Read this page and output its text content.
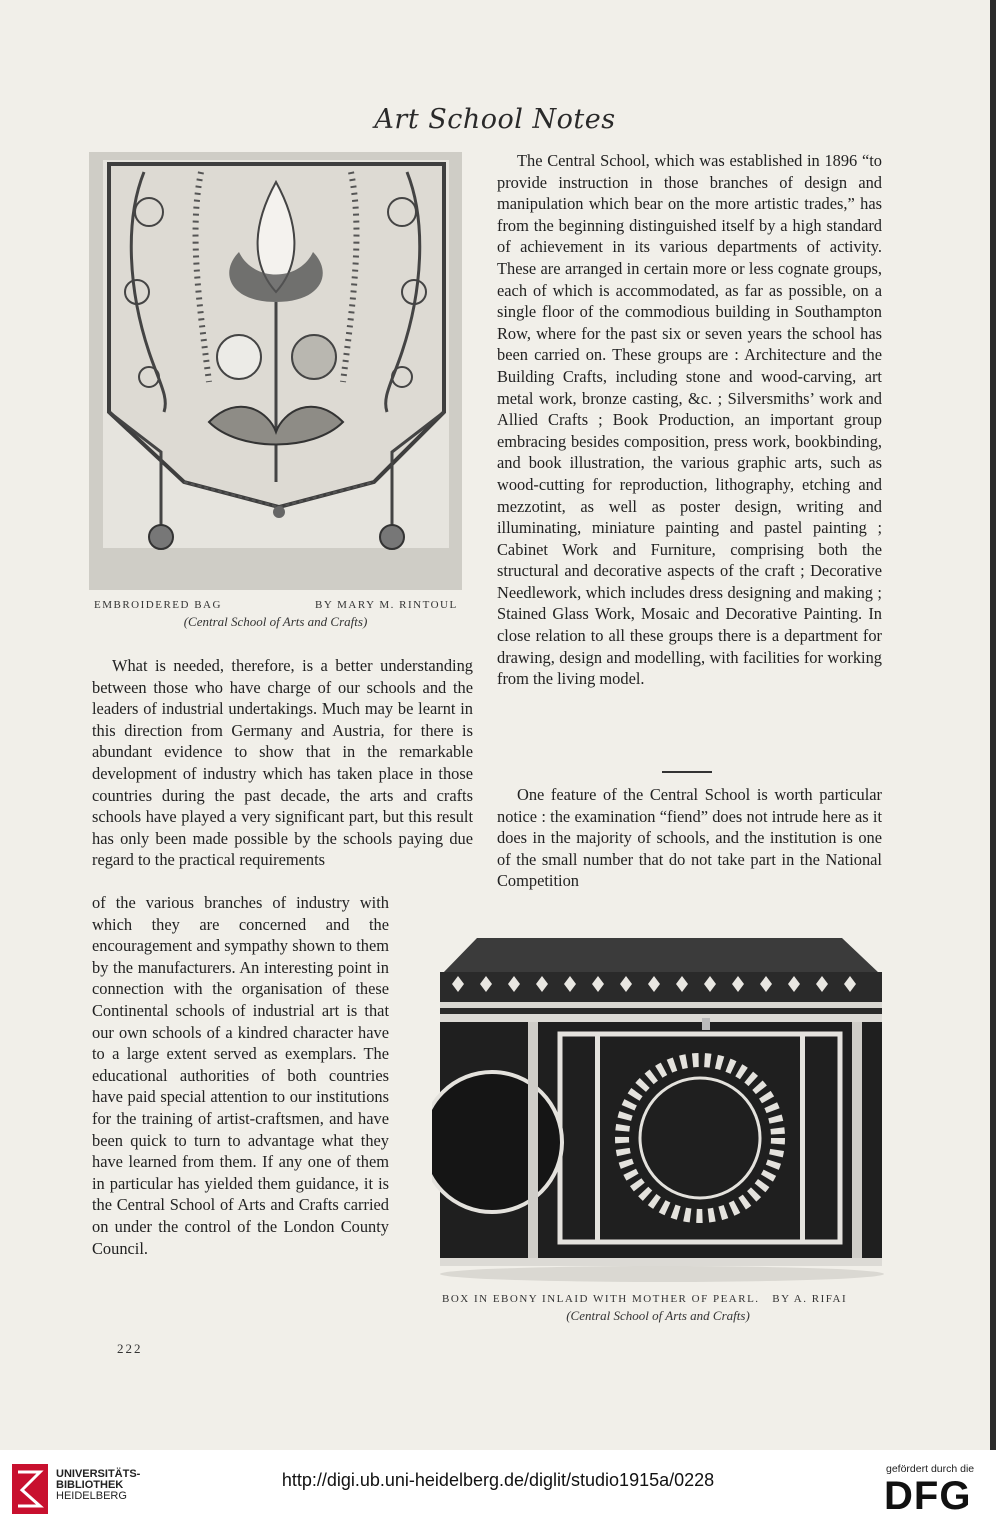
Art School Notes
EMBROIDERED BAG	BY MARY M. RINTOUL
(Central School of Arts and Crafts)

The Central School, which was established in 1896 “to provide instruction in those branches of design and manipulation which bear on the more artistic trades,” has from the beginning distinguished itself by a high standard of achievement in its various departments of activity. These are arranged in certain more or less cognate groups, each of which is accommodated, as far as possible, on a single floor of the commodious building in Southampton Row, where for the past six or seven years the school has been carried on. These groups are : Architecture and the Building Crafts, including stone and wood-carving, art metal work, bronze casting, &c. ; Silversmiths’ work and Allied Crafts ; Book Production, an important group embracing besides composition, press work, bookbinding, and book illustration, the various graphic arts, such as wood-cutting for reproduction, lithography, etching and mezzotint, as well as poster design, writing and illuminating, miniature painting and pastel painting ; Cabinet Work and Furniture, comprising both the structural and decorative aspects of the craft ; Decorative Needlework, which includes dress designing and making ; Stained Glass Work, Mosaic and Decorative Painting. In close relation to all these groups there is a department for drawing, design and modelling, with facilities for working from the living model.

One feature of the Central School is worth particular notice : the examination “fiend” does not intrude here as it does in the majority of schools, and the institution is one of the small number that do not take part in the National Competition

What is needed, therefore, is a better understanding between those who have charge of our schools and the leaders of industrial undertakings. Much may be learnt in this direction from Germany and Austria, for there is abundant evidence to show that in the remarkable development of industry which has taken place in those countries during the past decade, the arts and crafts schools have played a very significant part, but this result has only been made possible by the schools paying due regard to the practical requirements

of the various branches of industry with which they are concerned and the encouragement and sympathy shown to them by the manufacturers. An interesting point in connection with the organisation of these Continental schools of industrial art is that our own schools of a kindred character have to a large extent served as exemplars. The educational authorities of both countries have paid special attention to our institutions for the training of artist-craftsmen, and have been quick to turn to advantage what they have learned from them. If any one of them in particular has yielded them guidance, it is the Central School of Arts and Crafts carried on under the control of the London County Council.

BOX IN EBONY INLAID WITH MOTHER OF PEARL.   BY A. RIFAI
(Central School of Arts and Crafts)
222
UNIVERSITÄTS-
BIBLIOTHEK
HEIDELBERG
http://digi.ub.uni-heidelberg.de/diglit/studio1915a/0228
gefördert durch die
DFG
